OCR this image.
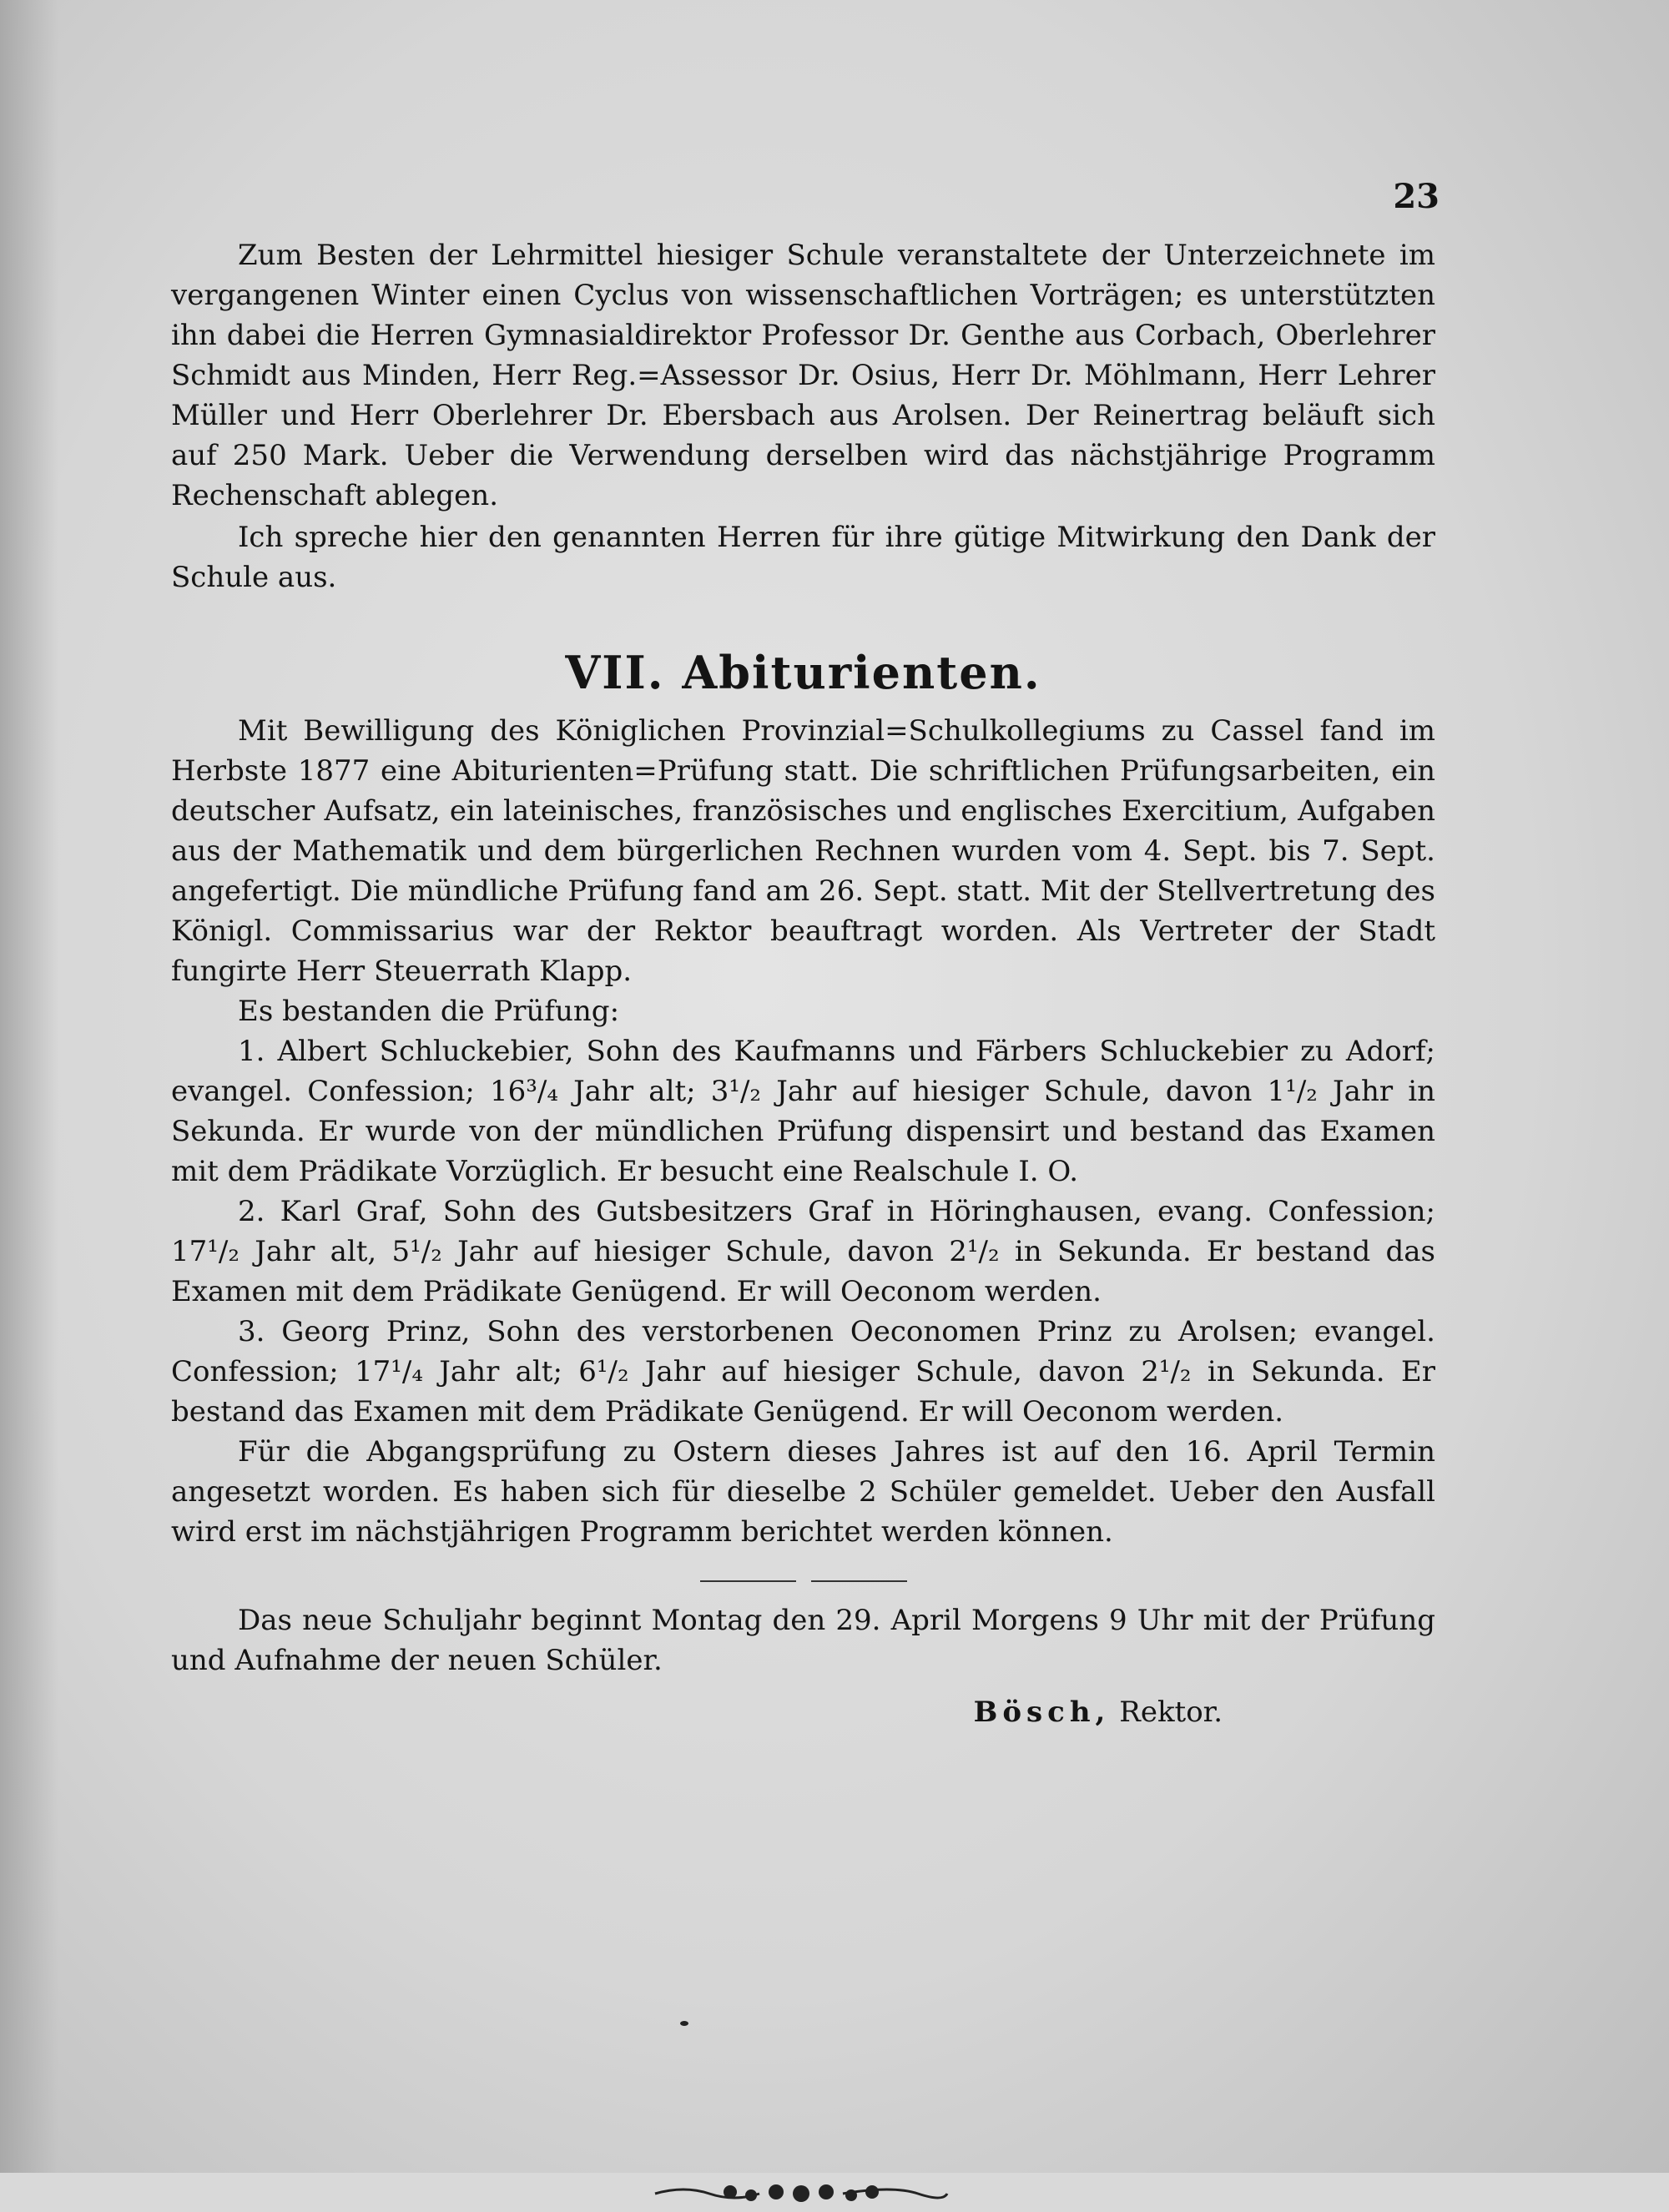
23

Zum Besten der Lehrmittel hiesiger Schule veranstaltete der Unterzeichnete im vergangenen Winter einen Cyclus von wissenschaftlichen Vorträgen; es unterstützten ihn dabei die Herren Gymnasialdirektor Professor Dr. Genthe aus Corbach, Oberlehrer Schmidt aus Minden, Herr Reg.=Assessor Dr. Osius, Herr Dr. Möhlmann, Herr Lehrer Müller und Herr Oberlehrer Dr. Ebersbach aus Arolsen. Der Reinertrag beläuft sich auf 250 Mark. Ueber die Verwendung derselben wird das nächstjährige Programm Rechenschaft ablegen.

Ich spreche hier den genannten Herren für ihre gütige Mitwirkung den Dank der Schule aus.

VII. Abiturienten.

Mit Bewilligung des Königlichen Provinzial=Schulkollegiums zu Cassel fand im Herbste 1877 eine Abiturienten=Prüfung statt. Die schriftlichen Prüfungsarbeiten, ein deutscher Aufsatz, ein lateinisches, französisches und englisches Exercitium, Aufgaben aus der Mathematik und dem bürgerlichen Rechnen wurden vom 4. Sept. bis 7. Sept. angefertigt. Die mündliche Prüfung fand am 26. Sept. statt. Mit der Stellvertretung des Königl. Commissarius war der Rektor beauftragt worden. Als Vertreter der Stadt fungirte Herr Steuerrath Klapp.

Es bestanden die Prüfung:

1. Albert Schluckebier, Sohn des Kaufmanns und Färbers Schluckebier zu Adorf; evangel. Confession; 16³/₄ Jahr alt; 3¹/₂ Jahr auf hiesiger Schule, davon 1¹/₂ Jahr in Sekunda. Er wurde von der mündlichen Prüfung dispensirt und bestand das Examen mit dem Prädikate Vorzüglich. Er besucht eine Realschule I. O.

2. Karl Graf, Sohn des Gutsbesitzers Graf in Höringhausen, evang. Confession; 17¹/₂ Jahr alt, 5¹/₂ Jahr auf hiesiger Schule, davon 2¹/₂ in Sekunda. Er bestand das Examen mit dem Prädikate Genügend. Er will Oeconom werden.

3. Georg Prinz, Sohn des verstorbenen Oeconomen Prinz zu Arolsen; evangel. Confession; 17¹/₄ Jahr alt; 6¹/₂ Jahr auf hiesiger Schule, davon 2¹/₂ in Sekunda. Er bestand das Examen mit dem Prädikate Genügend. Er will Oeconom werden.

Für die Abgangsprüfung zu Ostern dieses Jahres ist auf den 16. April Termin angesetzt worden. Es haben sich für dieselbe 2 Schüler gemeldet. Ueber den Ausfall wird erst im nächstjährigen Programm berichtet werden können.

Das neue Schuljahr beginnt Montag den 29. April Morgens 9 Uhr mit der Prüfung und Aufnahme der neuen Schüler.

Bösch, Rektor.
